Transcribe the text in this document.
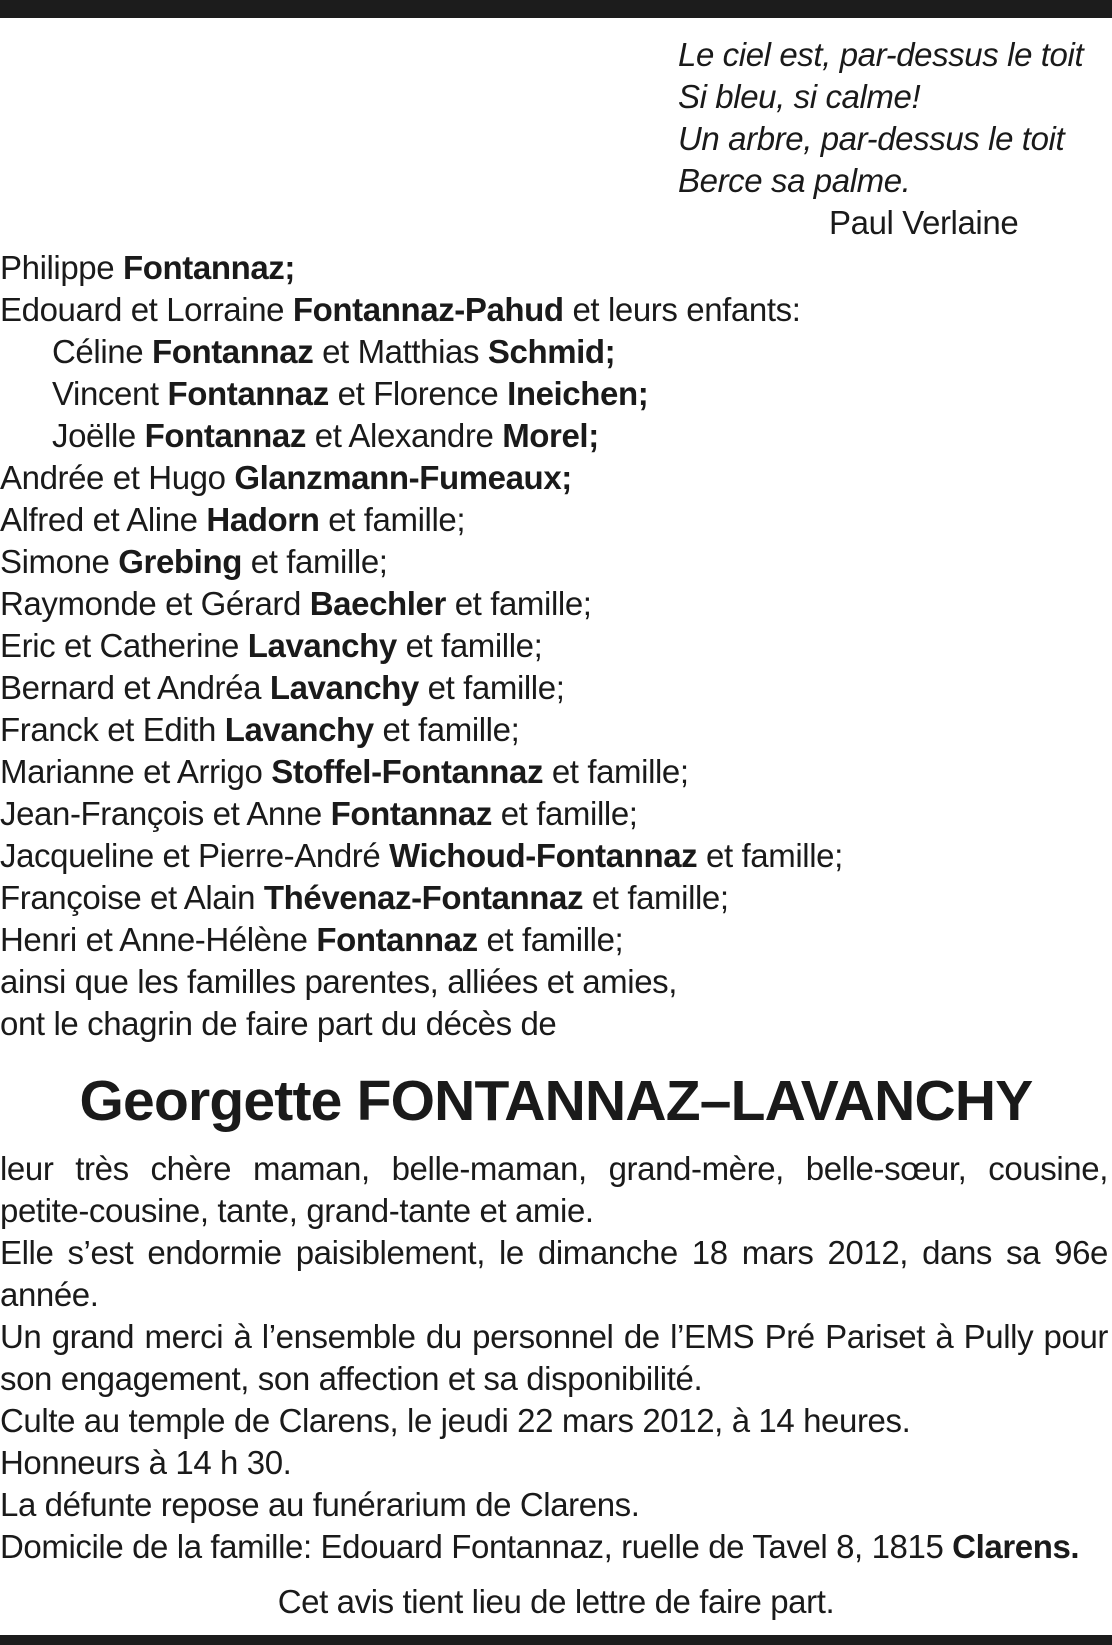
Le ciel est, par-dessus le toit
Si bleu, si calme!
Un arbre, par-dessus le toit
Berce sa palme.
Paul Verlaine
Philippe Fontannaz;
Edouard et Lorraine Fontannaz-Pahud et leurs enfants:
Céline Fontannaz et Matthias Schmid;
Vincent Fontannaz et Florence Ineichen;
Joëlle Fontannaz et Alexandre Morel;
Andrée et Hugo Glanzmann-Fumeaux;
Alfred et Aline Hadorn et famille;
Simone Grebing et famille;
Raymonde et Gérard Baechler et famille;
Eric et Catherine Lavanchy et famille;
Bernard et Andréa Lavanchy et famille;
Franck et Edith Lavanchy et famille;
Marianne et Arrigo Stoffel-Fontannaz et famille;
Jean-François et Anne Fontannaz et famille;
Jacqueline et Pierre-André Wichoud-Fontannaz et famille;
Françoise et Alain Thévenaz-Fontannaz et famille;
Henri et Anne-Hélène Fontannaz et famille;
ainsi que les familles parentes, alliées et amies,
ont le chagrin de faire part du décès de
Georgette FONTANNAZ–LAVANCHY
leur très chère maman, belle-maman, grand-mère, belle-sœur, cousine, petite-cousine, tante, grand-tante et amie.
Elle s’est endormie paisiblement, le dimanche 18 mars 2012, dans sa 96e année.
Un grand merci à l’ensemble du personnel de l’EMS Pré Pariset à Pully pour son engagement, son affection et sa disponibilité.
Culte au temple de Clarens, le jeudi 22 mars 2012, à 14 heures.
Honneurs à 14 h 30.
La défunte repose au funérarium de Clarens.
Domicile de la famille: Edouard Fontannaz, ruelle de Tavel 8, 1815 Clarens.
Cet avis tient lieu de lettre de faire part.
